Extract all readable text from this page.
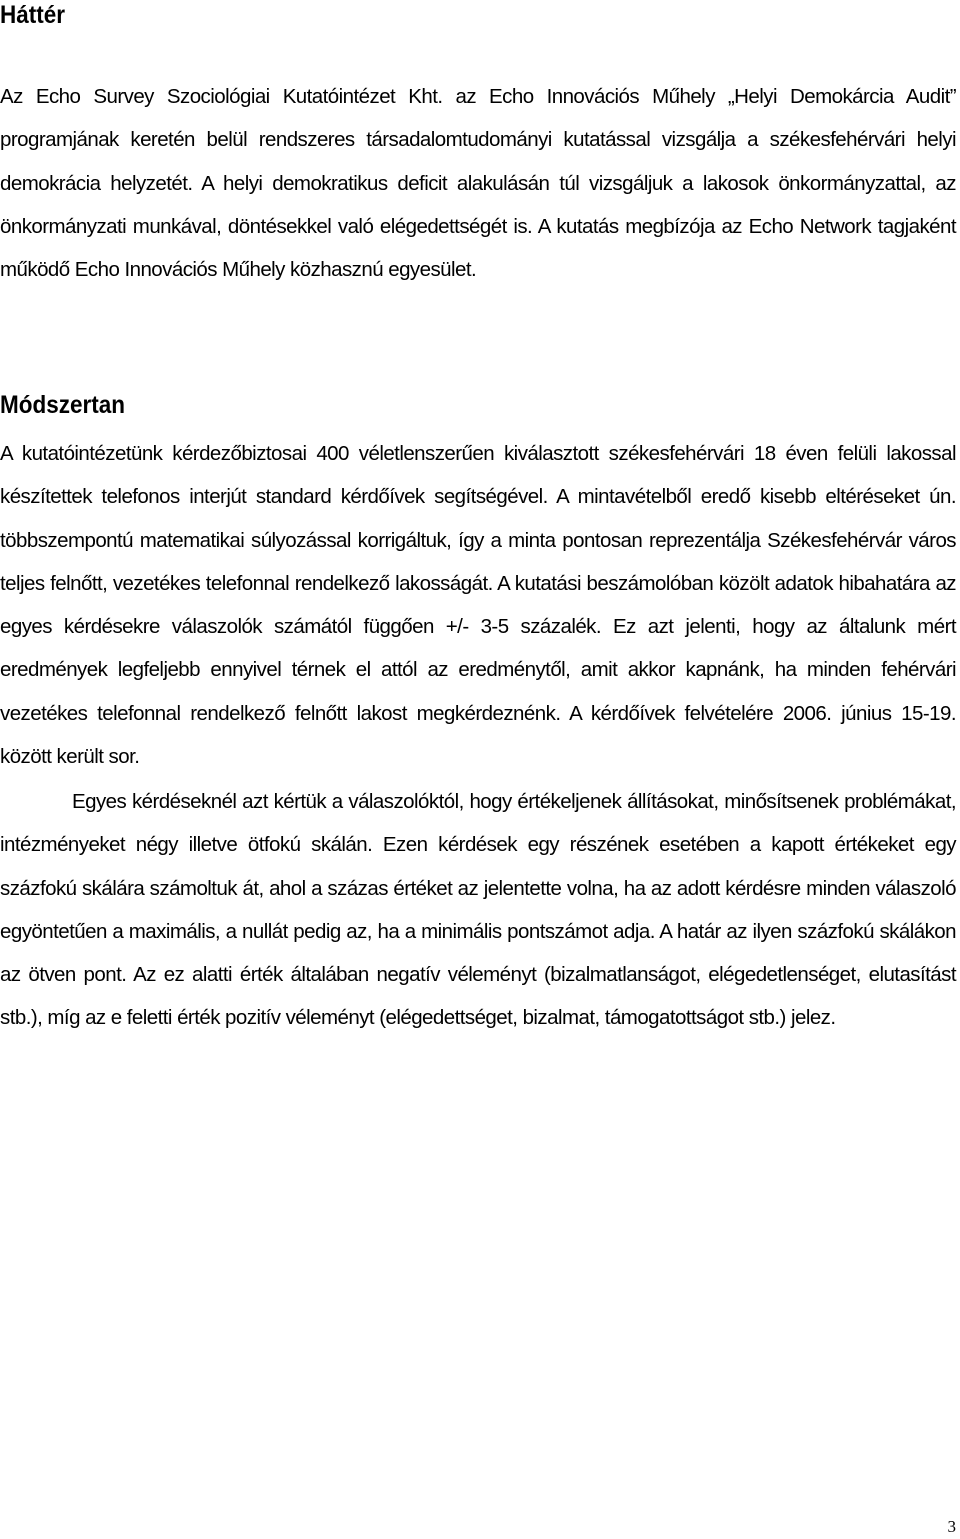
Háttér

Az Echo Survey Szociológiai Kutatóintézet Kht. az Echo Innovációs Műhely „Helyi Demokárcia Audit” programjának keretén belül rendszeres társadalomtudományi kutatással vizsgálja a székesfehérvári helyi demokrácia helyzetét. A helyi demokratikus deficit alakulásán túl vizsgáljuk a lakosok önkormányzattal, az önkormányzati munkával, döntésekkel való elégedettségét is. A kutatás megbízója az Echo Network tagjaként működő Echo Innovációs Műhely közhasznú egyesület.

Módszertan

A kutatóintézetünk kérdezőbiztosai 400 véletlenszerűen kiválasztott székesfehérvári 18 éven felüli lakossal készítettek telefonos interjút standard kérdőívek segítségével. A mintavételből eredő kisebb eltéréseket ún. többszempontú matematikai súlyozással korrigáltuk, így a minta pontosan reprezentálja Székesfehérvár város teljes felnőtt, vezetékes telefonnal rendelkező lakosságát. A kutatási beszámolóban közölt adatok hibahatára az egyes kérdésekre válaszolók számától függően +/- 3-5 százalék. Ez azt jelenti, hogy az általunk mért eredmények legfeljebb ennyivel térnek el attól az eredménytől, amit akkor kapnánk, ha minden fehérvári vezetékes telefonnal rendelkező felnőtt lakost megkérdeznénk. A kérdőívek felvételére 2006. június 15-19. között került sor.

Egyes kérdéseknél azt kértük a válaszolóktól, hogy értékeljenek állításokat, minősítsenek problémákat, intézményeket négy illetve ötfokú skálán. Ezen kérdések egy részének esetében a kapott értékeket egy százfokú skálára számoltuk át, ahol a százas értéket az jelentette volna, ha az adott kérdésre minden válaszoló egyöntetűen a maximális, a nullát pedig az, ha a minimális pontszámot adja. A határ az ilyen százfokú skálákon az ötven pont. Az ez alatti érték általában negatív véleményt (bizalmatlanságot, elégedetlenséget, elutasítást stb.), míg az e feletti érték pozitív véleményt (elégedettséget, bizalmat, támogatottságot stb.) jelez.

3
